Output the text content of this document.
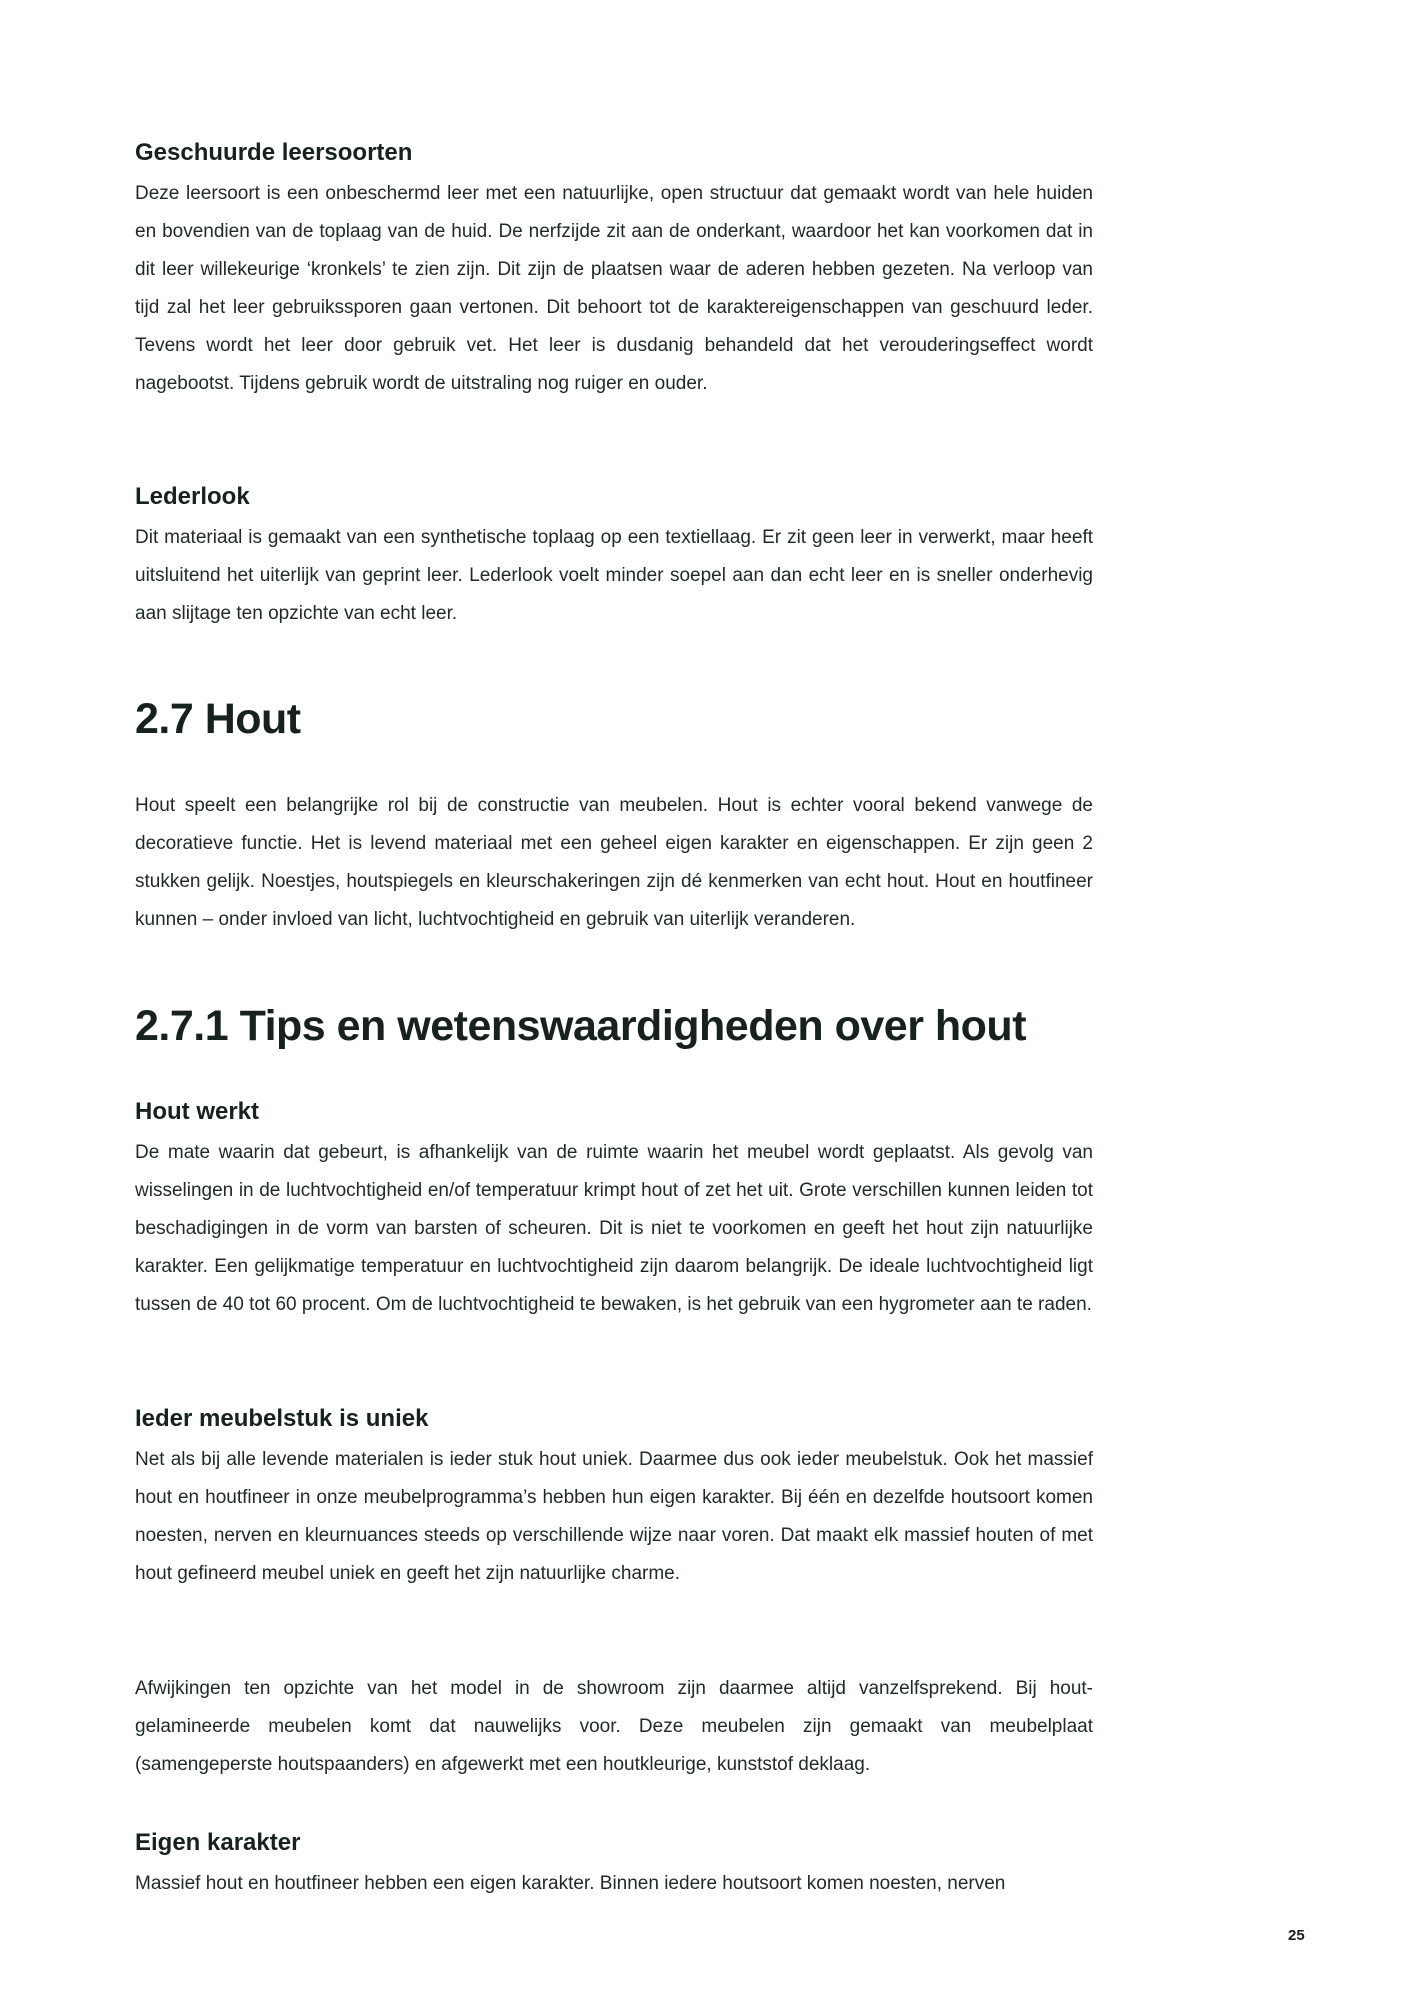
Geschuurde leersoorten

Deze leersoort is een onbeschermd leer met een natuurlijke, open structuur dat gemaakt wordt van hele huiden en bovendien van de toplaag van de huid. De nerfzijde zit aan de onderkant, waardoor het kan voorkomen dat in dit leer willekeurige ‘kronkels’ te zien zijn. Dit zijn de plaatsen waar de aderen hebben gezeten. Na verloop van tijd zal het leer gebruikssporen gaan vertonen. Dit behoort tot de karaktereigenschappen van geschuurd leder. Tevens wordt het leer door gebruik vet. Het leer is dusdanig behandeld dat het verouderingseffect wordt nagebootst. Tijdens gebruik wordt de uitstraling nog ruiger en ouder.

Lederlook

Dit materiaal is gemaakt van een synthetische toplaag op een textiellaag. Er zit geen leer in verwerkt, maar heeft uitsluitend het uiterlijk van geprint leer. Lederlook voelt minder soepel aan dan echt leer en is sneller onderhevig aan slijtage ten opzichte van echt leer.

2.7 Hout

Hout speelt een belangrijke rol bij de constructie van meubelen. Hout is echter vooral bekend vanwege de decoratieve functie. Het is levend materiaal met een geheel eigen karakter en eigenschappen. Er zijn geen 2 stukken gelijk. Noestjes, houtspiegels en kleurschakeringen zijn dé kenmerken van echt hout. Hout en houtfineer kunnen – onder invloed van licht, luchtvochtigheid en gebruik van uiterlijk veranderen.

2.7.1 Tips en wetenswaardigheden over hout
Hout werkt

De mate waarin dat gebeurt, is afhankelijk van de ruimte waarin het meubel wordt geplaatst. Als gevolg van wisselingen in de luchtvochtigheid en/of temperatuur krimpt hout of zet het uit. Grote verschillen kunnen leiden tot beschadigingen in de vorm van barsten of scheuren. Dit is niet te voorkomen en geeft het hout zijn natuurlijke karakter. Een gelijkmatige temperatuur en luchtvochtigheid zijn daarom belangrijk. De ideale luchtvochtigheid ligt tussen de 40 tot 60 procent. Om de luchtvochtigheid te bewaken, is het gebruik van een hygrometer aan te raden.

Ieder meubelstuk is uniek

Net als bij alle levende materialen is ieder stuk hout uniek. Daarmee dus ook ieder meubelstuk. Ook het massief hout en houtfineer in onze meubelprogramma’s hebben hun eigen karakter. Bij één en dezelfde houtsoort komen noesten, nerven en kleurnuances steeds op verschillende wijze naar voren. Dat maakt elk massief houten of met hout gefineerd meubel uniek en geeft het zijn natuurlijke charme.

Afwijkingen ten opzichte van het model in de showroom zijn daarmee altijd vanzelfsprekend. Bij hout-gelamineerde meubelen komt dat nauwelijks voor. Deze meubelen zijn gemaakt van meubelplaat (samengeperste houtspaanders) en afgewerkt met een houtkleurige, kunststof deklaag.

Eigen karakter

Massief hout en houtfineer hebben een eigen karakter. Binnen iedere houtsoort komen noesten, nerven

25
